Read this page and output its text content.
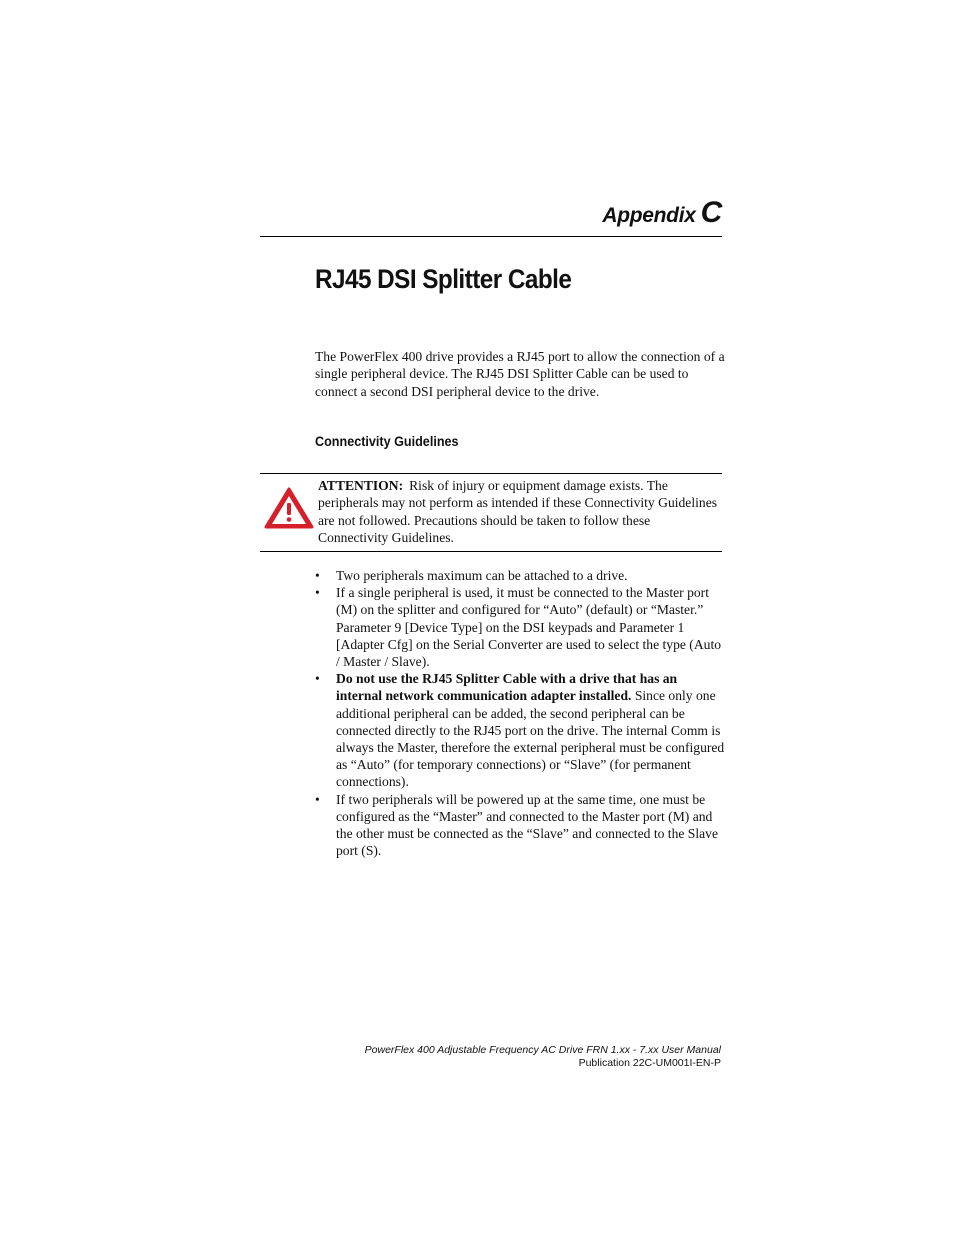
Appendix C
RJ45 DSI Splitter Cable

The PowerFlex 400 drive provides a RJ45 port to allow the connection of a single peripheral device. The RJ45 DSI Splitter Cable can be used to connect a second DSI peripheral device to the drive.

Connectivity Guidelines

ATTENTION: Risk of injury or equipment damage exists. The peripherals may not perform as intended if these Connectivity Guidelines are not followed. Precautions should be taken to follow these Connectivity Guidelines.

• Two peripherals maximum can be attached to a drive.
• If a single peripheral is used, it must be connected to the Master port (M) on the splitter and configured for “Auto” (default) or “Master.” Parameter 9 [Device Type] on the DSI keypads and Parameter 1 [Adapter Cfg] on the Serial Converter are used to select the type (Auto / Master / Slave).
• Do not use the RJ45 Splitter Cable with a drive that has an internal network communication adapter installed. Since only one additional peripheral can be added, the second peripheral can be connected directly to the RJ45 port on the drive. The internal Comm is always the Master, therefore the external peripheral must be configured as “Auto” (for temporary connections) or “Slave” (for permanent connections).
• If two peripherals will be powered up at the same time, one must be configured as the “Master” and connected to the Master port (M) and the other must be connected as the “Slave” and connected to the Slave port (S).
PowerFlex 400 Adjustable Frequency AC Drive FRN 1.xx - 7.xx User Manual
Publication 22C-UM001I-EN-P
